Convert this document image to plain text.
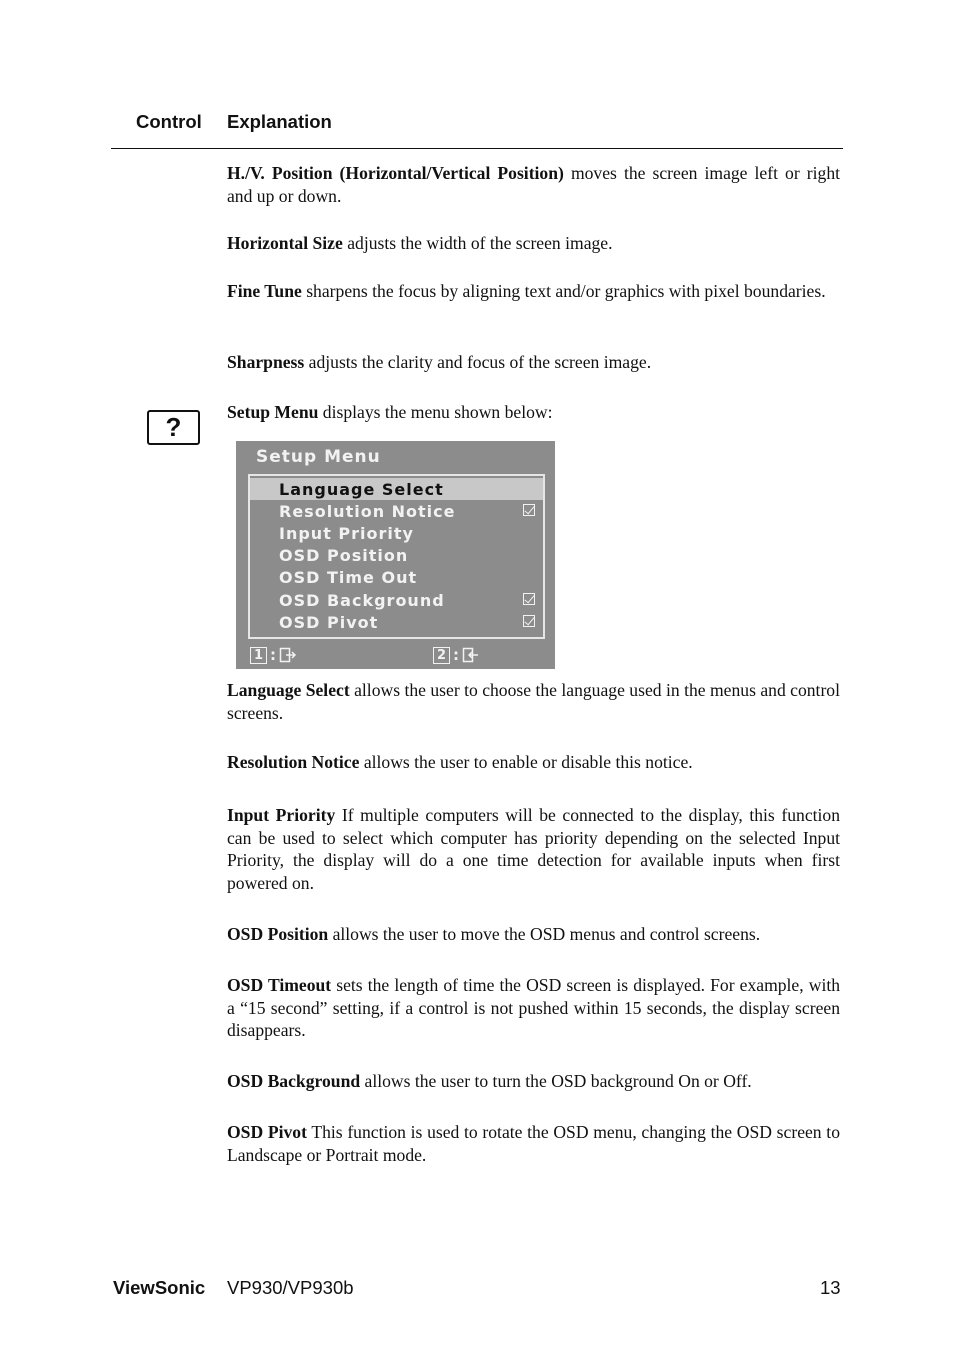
Control Explanation

H./V. Position (Horizontal/Vertical Position) moves the screen image left or right and up or down.

Horizontal Size adjusts the width of the screen image.

Fine Tune sharpens the focus by aligning text and/or graphics with pixel boundaries.

Sharpness adjusts the clarity and focus of the screen image.

?	Setup Menu displays the menu shown below:

Setup Menu
Language Select
Resolution Notice
Input Priority
OSD Position
OSD Time Out
OSD Background
OSD Pivot
1 :	2 :

Language Select allows the user to choose the language used in the menus and control screens.

Resolution Notice allows the user to enable or disable this notice.

Input Priority If multiple computers will be connected to the display, this function can be used to select which computer has priority depending on the selected Input Priority, the display will do a one time detection for available inputs when first powered on.

OSD Position allows the user to move the OSD menus and control screens.

OSD Timeout sets the length of time the OSD screen is displayed. For example, with a “15 second” setting, if a control is not pushed within 15 seconds, the display screen disappears.

OSD Background allows the user to turn the OSD background On or Off.

OSD Pivot This function is used to rotate the OSD menu, changing the OSD screen to Landscape or Portrait mode.

ViewSonic VP930/VP930b	13
